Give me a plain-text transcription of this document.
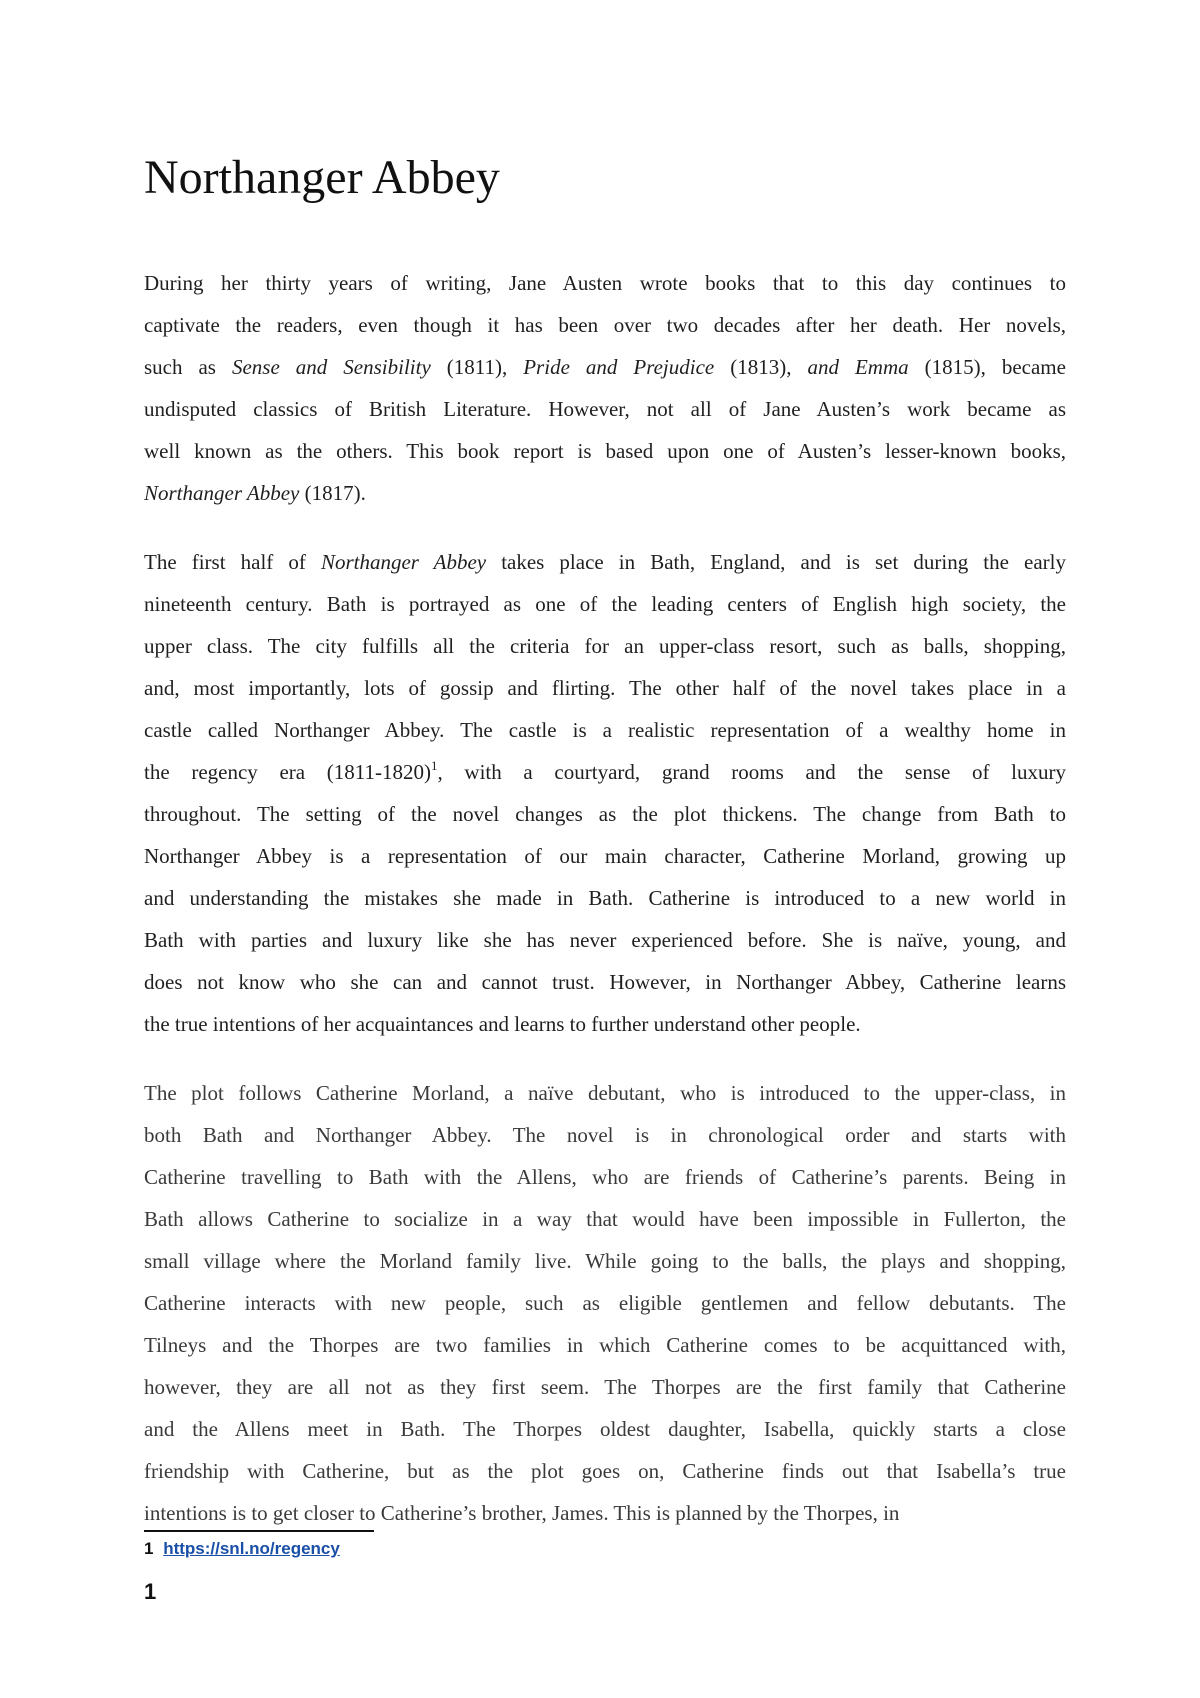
Northanger Abbey

During her thirty years of writing, Jane Austen wrote books that to this day continues to
captivate the readers, even though it has been over two decades after her death. Her novels,
such as Sense and Sensibility (1811), Pride and Prejudice (1813), and Emma (1815), became
undisputed classics of British Literature. However, not all of Jane Austen’s work became as
well known as the others. This book report is based upon one of Austen’s lesser-known books,
Northanger Abbey (1817).

The first half of Northanger Abbey takes place in Bath, England, and is set during the early
nineteenth century. Bath is portrayed as one of the leading centers of English high society, the
upper class. The city fulfills all the criteria for an upper-class resort, such as balls, shopping,
and, most importantly, lots of gossip and flirting. The other half of the novel takes place in a
castle called Northanger Abbey. The castle is a realistic representation of a wealthy home in
the regency era (1811-1820)$^1$, with a courtyard, grand rooms and the sense of luxury
throughout. The setting of the novel changes as the plot thickens. The change from Bath to
Northanger Abbey is a representation of our main character, Catherine Morland, growing up
and understanding the mistakes she made in Bath. Catherine is introduced to a new world in
Bath with parties and luxury like she has never experienced before. She is naïve, young, and
does not know who she can and cannot trust. However, in Northanger Abbey, Catherine learns
the true intentions of her acquaintances and learns to further understand other people.

The plot follows Catherine Morland, a naïve debutant, who is introduced to the upper-class, in
both Bath and Northanger Abbey. The novel is in chronological order and starts with
Catherine travelling to Bath with the Allens, who are friends of Catherine’s parents. Being in
Bath allows Catherine to socialize in a way that would have been impossible in Fullerton, the
small village where the Morland family live. While going to the balls, the plays and shopping,
Catherine interacts with new people, such as eligible gentlemen and fellow debutants. The
Tilneys and the Thorpes are two families in which Catherine comes to be acquittanced with,
however, they are all not as they first seem. The Thorpes are the first family that Catherine
and the Allens meet in Bath. The Thorpes oldest daughter, Isabella, quickly starts a close
friendship with Catherine, but as the plot goes on, Catherine finds out that Isabella’s true
intentions is to get closer to Catherine’s brother, James. This is planned by the Thorpes, in

1 https://snl.no/regency
1
